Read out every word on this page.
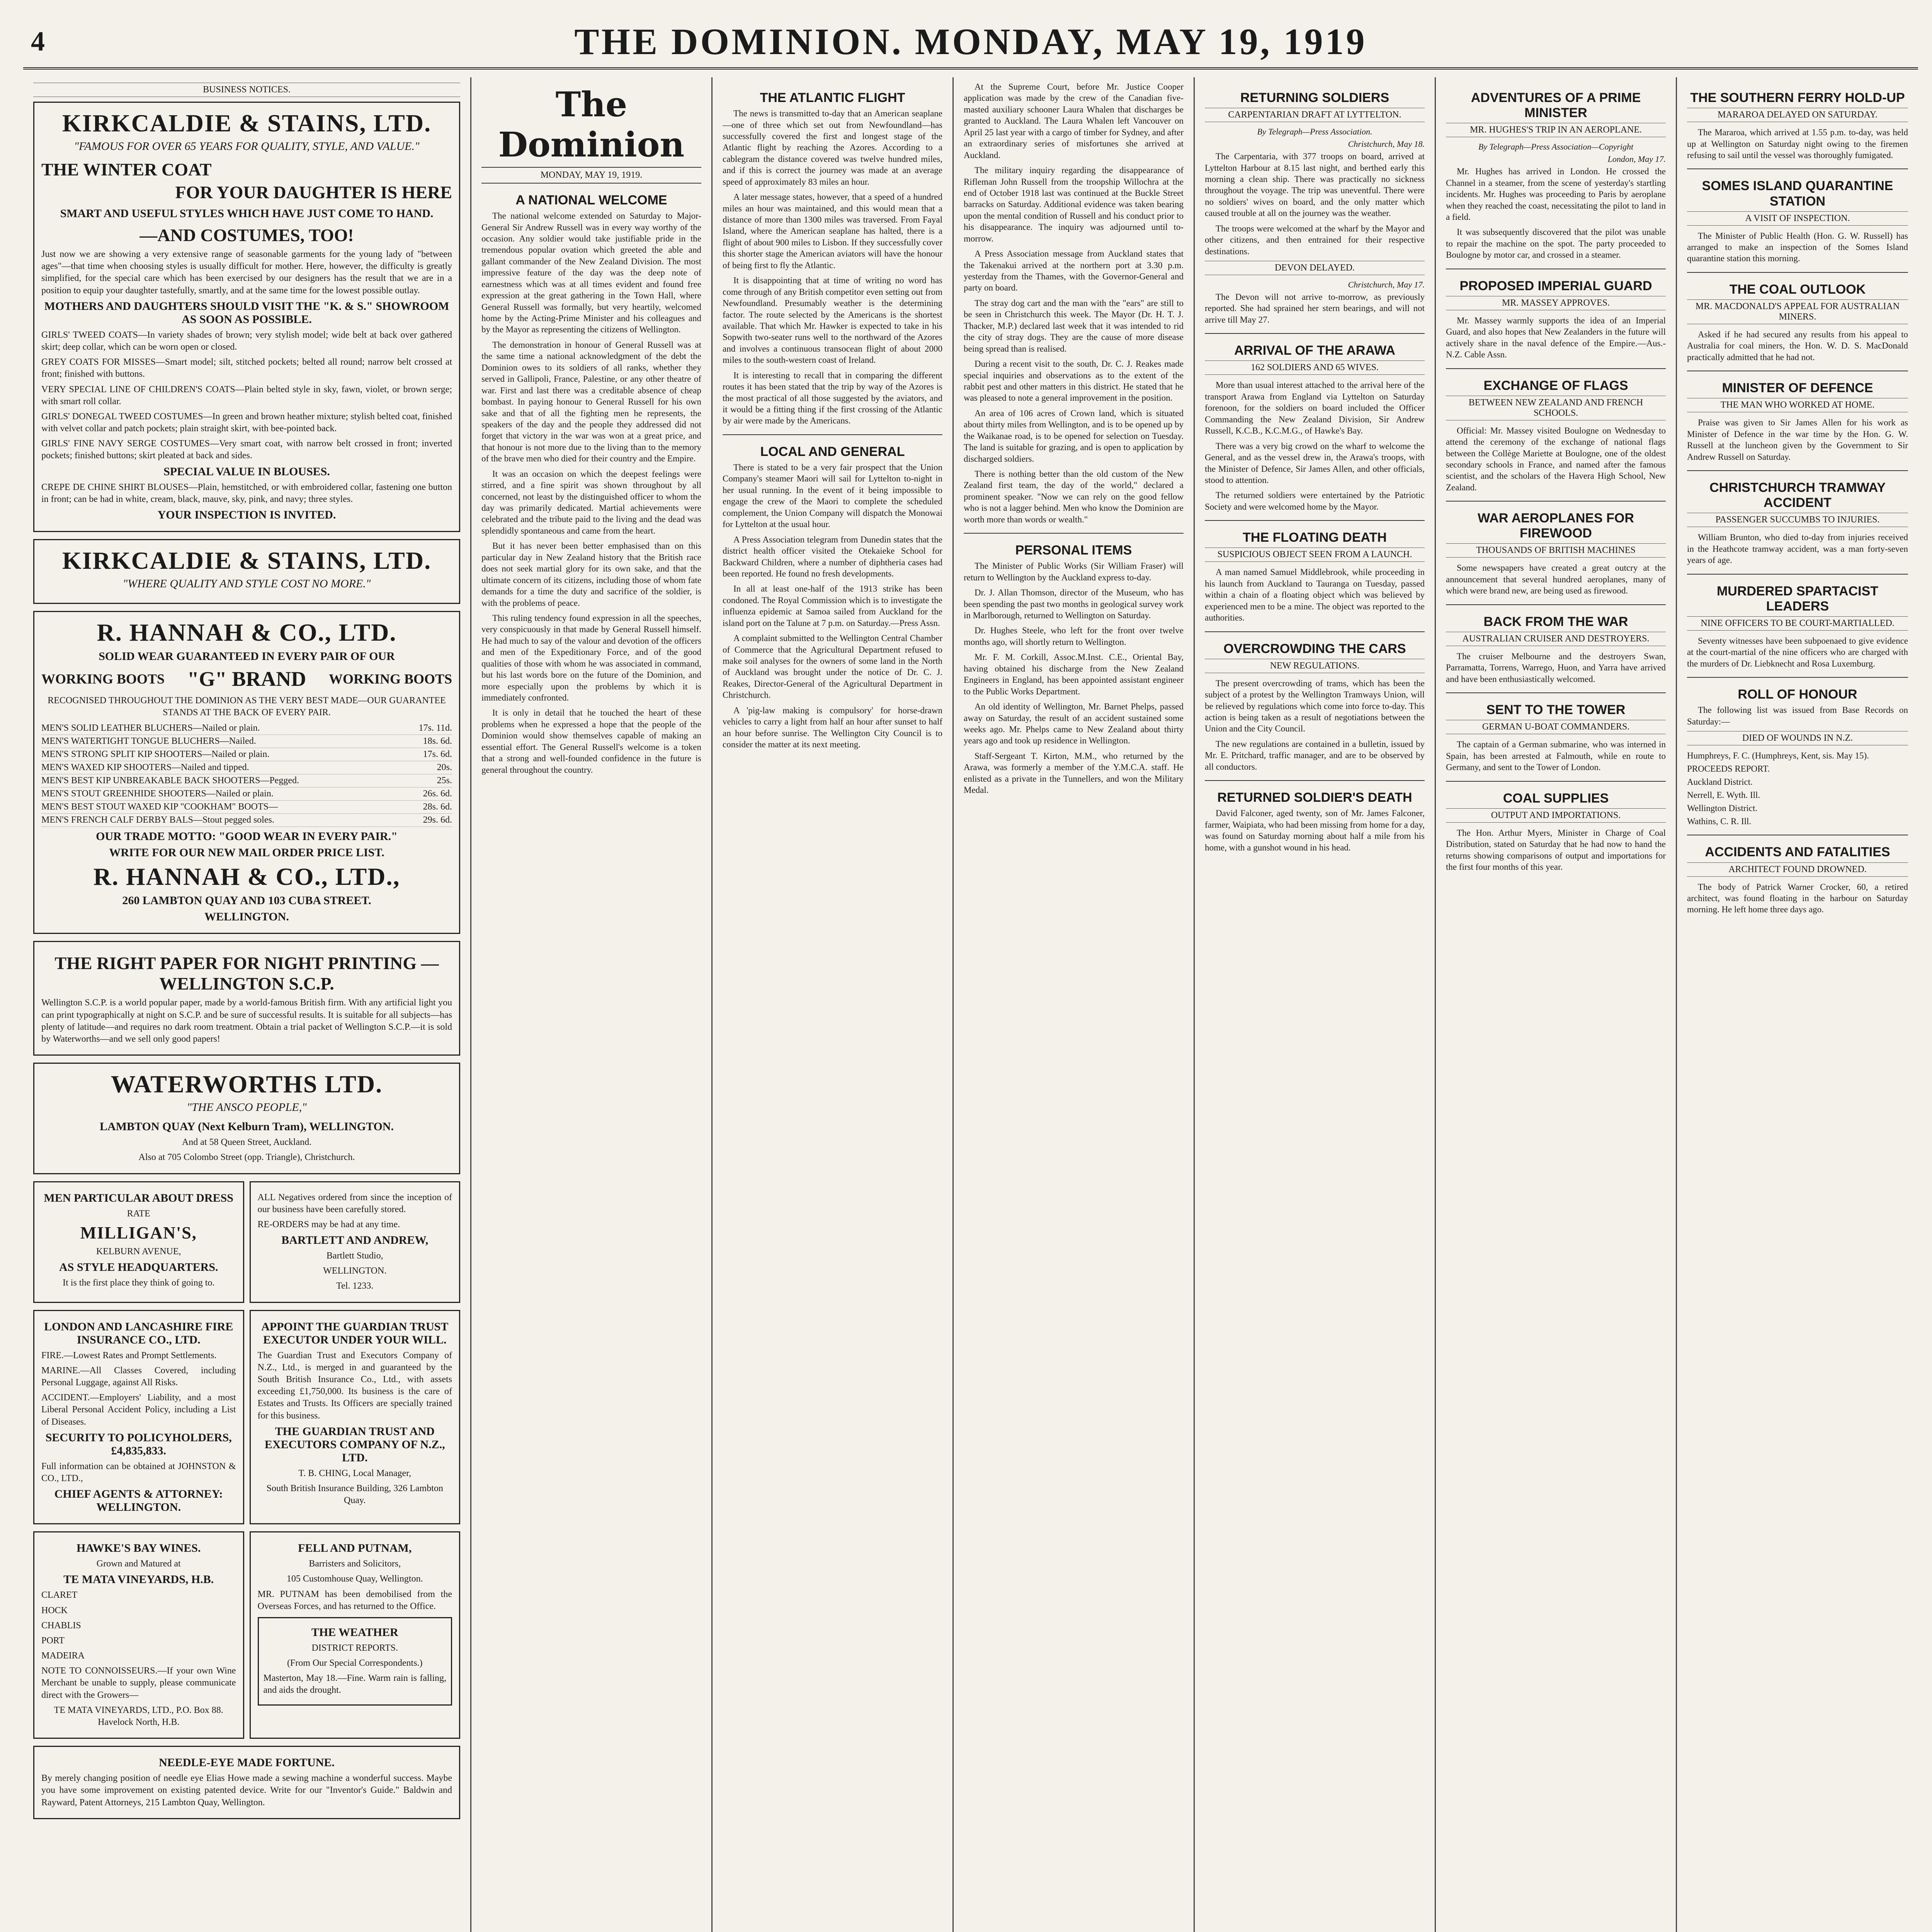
4	THE DOMINION. MONDAY, MAY 19, 1919
BUSINESS NOTICES.
KIRKCALDIE & STAINS, LTD.
"FAMOUS FOR OVER 65 YEARS FOR QUALITY, STYLE, AND VALUE."
THE WINTER COAT
FOR YOUR DAUGHTER IS HERE
SMART AND USEFUL STYLES WHICH HAVE JUST COME TO HAND.
—AND COSTUMES, TOO!
Just now we are showing a very extensive range of seasonable garments for the young lady of "between ages"—that time when choosing styles is usually difficult for mother. Here, however, the difficulty is greatly simplified, for the special care which has been exercised by our designers has the result that we are in a position to equip your daughter tastefully, smartly, and at the same time for the lowest possible outlay.
MOTHERS AND DAUGHTERS SHOULD VISIT THE "K. & S." SHOWROOM AS SOON AS POSSIBLE.
GIRLS' TWEED COATS—In variety shades of brown; very stylish model; wide belt at back over gathered skirt; deep collar, which can be worn open or closed.
GREY COATS FOR MISSES—Smart model; silt, stitched pockets; belted all round; narrow belt crossed at front; finished with buttons.
VERY SPECIAL LINE OF CHILDREN'S COATS—Plain belted style in sky, fawn, violet, or brown serge; with smart roll collar.
GIRLS' DONEGAL TWEED COSTUMES—In green and brown heather mixture; stylish belted coat, finished with velvet collar and patch pockets; plain straight skirt, with bee-pointed back.
GIRLS' FINE NAVY SERGE COSTUMES—Very smart coat, with narrow belt crossed in front; inverted pockets; finished buttons; skirt pleated at back and sides.
SPECIAL VALUE IN BLOUSES.
CREPE DE CHINE SHIRT BLOUSES—Plain, hemstitched, or with embroidered collar, fastening one button in front; can be had in white, cream, black, mauve, sky, pink, and navy; three styles.
YOUR INSPECTION IS INVITED.
KIRKCALDIE & STAINS, LTD.
"WHERE QUALITY AND STYLE COST NO MORE."
R. HANNAH & CO., LTD.
SOLID WEAR GUARANTEED IN EVERY PAIR OF OUR
WORKING BOOTS "G" BRAND WORKING BOOTS
RECOGNISED THROUGHOUT THE DOMINION AS THE VERY BEST MADE—OUR GUARANTEE STANDS AT THE BACK OF EVERY PAIR.
MEN'S SOLID LEATHER BLUCHERS—Nailed or plain.	17s. 11d.
MEN'S WATERTIGHT TONGUE BLUCHERS—Nailed.	18s. 6d.
MEN'S STRONG SPLIT KIP SHOOTERS—Nailed or plain.	17s. 6d.
MEN'S WAXED KIP SHOOTERS—Nailed and tipped.	20s.
MEN'S BEST KIP UNBREAKABLE BACK SHOOTERS—Pegged.	25s.
MEN'S STOUT GREENHIDE SHOOTERS—Nailed or plain.	26s. 6d.
MEN'S BEST STOUT WAXED KIP "COOKHAM" BOOTS—	28s. 6d.
MEN'S FRENCH CALF DERBY BALS—Stout pegged soles.	29s. 6d.
OUR TRADE MOTTO: "GOOD WEAR IN EVERY PAIR."
WRITE FOR OUR NEW MAIL ORDER PRICE LIST.
R. HANNAH & CO., LTD.,
260 LAMBTON QUAY AND 103 CUBA STREET.
WELLINGTON.
THE RIGHT PAPER FOR NIGHT PRINTING —WELLINGTON S.C.P.
Wellington S.C.P. is a world popular paper, made by a world-famous British firm. With any artificial light you can print typographically at night on S.C.P. and be sure of successful results. It is suitable for all subjects—has plenty of latitude—and requires no dark room treatment. Obtain a trial packet of Wellington S.C.P.—it is sold by Waterworths—and we sell only good papers!
WATERWORTHS LTD.
"THE ANSCO PEOPLE,"
LAMBTON QUAY (Next Kelburn Tram), WELLINGTON.
And at 58 Queen Street, Auckland.
Also at 705 Colombo Street (opp. Triangle), Christchurch.
MEN PARTICULAR ABOUT DRESS
RATE
MILLIGAN'S,
KELBURN AVENUE,
AS STYLE HEADQUARTERS.
It is the first place they think of going to.
ALL Negatives ordered from since the inception of our business have been carefully stored.
RE-ORDERS may be had at any time.
BARTLETT AND ANDREW,
Bartlett Studio,
WELLINGTON.
Tel. 1233.
LONDON AND LANCASHIRE FIRE INSURANCE CO., LTD.
FIRE.—Lowest Rates and Prompt Settlements.
MARINE.—All Classes Covered, including Personal Luggage, against All Risks.
ACCIDENT.—Employers' Liability, and a most Liberal Personal Accident Policy, including a List of Diseases.
SECURITY TO POLICYHOLDERS, £4,835,833.
Full information can be obtained at JOHNSTON & CO., LTD.,
CHIEF AGENTS & ATTORNEY: WELLINGTON.
APPOINT THE GUARDIAN TRUST EXECUTOR UNDER YOUR WILL.
The Guardian Trust and Executors Company of N.Z., Ltd., is merged in and guaranteed by the South British Insurance Co., Ltd., with assets exceeding £1,750,000. Its business is the care of Estates and Trusts. Its Officers are specially trained for this business.
THE GUARDIAN TRUST AND EXECUTORS COMPANY OF N.Z., LTD.
T. B. CHING, Local Manager,
South British Insurance Building, 326 Lambton Quay.
HAWKE'S BAY WINES.
Grown and Matured at
TE MATA VINEYARDS, H.B.
CLARET
HOCK
CHABLIS
PORT
MADEIRA
NOTE TO CONNOISSEURS.—If your own Wine Merchant be unable to supply, please communicate direct with the Growers—
TE MATA VINEYARDS, LTD., P.O. Box 88. Havelock North, H.B.
FELL AND PUTNAM,
Barristers and Solicitors,
105 Customhouse Quay, Wellington.
MR. PUTNAM has been demobilised from the Overseas Forces, and has returned to the Office.
THE WEATHER
DISTRICT REPORTS.
(From Our Special Correspondents.)
Masterton, May 18.—Fine. Warm rain is falling, and aids the drought.
NEEDLE-EYE MADE FORTUNE.
By merely changing position of needle eye Elias Howe made a sewing machine a wonderful success. Maybe you have some improvement on existing patented device. Write for our "Inventor's Guide." Baldwin and Rayward, Patent Attorneys, 215 Lambton Quay, Wellington.
The Dominion
MONDAY, MAY 19, 1919.
A NATIONAL WELCOME

The national welcome extended on Saturday to Major-General Sir Andrew Russell was in every way worthy of the occasion. Any soldier would take justifiable pride in the tremendous popular ovation which greeted the able and gallant commander of the New Zealand Division. The most impressive feature of the day was the deep note of earnestness which was at all times evident and found free expression at the great gathering in the Town Hall, where General Russell was formally, but very heartily, welcomed home by the Acting-Prime Minister and his colleagues and by the Mayor as representing the citizens of Wellington.

The demonstration in honour of General Russell was at the same time a national acknowledgment of the debt the Dominion owes to its soldiers of all ranks, whether they served in Gallipoli, France, Palestine, or any other theatre of war. First and last there was a creditable absence of cheap bombast. In paying honour to General Russell for his own sake and that of all the fighting men he represents, the speakers of the day and the people they addressed did not forget that victory in the war was won at a great price, and that honour is not more due to the living than to the memory of the brave men who died for their country and the Empire.

It was an occasion on which the deepest feelings were stirred, and a fine spirit was shown throughout by all concerned, not least by the distinguished officer to whom the day was primarily dedicated. Martial achievements were celebrated and the tribute paid to the living and the dead was splendidly spontaneous and came from the heart.

But it has never been better emphasised than on this particular day in New Zealand history that the British race does not seek martial glory for its own sake, and that the ultimate concern of its citizens, including those of whom fate demands for a time the duty and sacrifice of the soldier, is with the problems of peace.

This ruling tendency found expression in all the speeches, very conspicuously in that made by General Russell himself. He had much to say of the valour and devotion of the officers and men of the Expeditionary Force, and of the good qualities of those with whom he was associated in command, but his last words bore on the future of the Dominion, and more especially upon the problems by which it is immediately confronted.

It is only in detail that he touched the heart of these problems when he expressed a hope that the people of the Dominion would show themselves capable of making an essential effort. The General Russell's welcome is a token that a strong and well-founded confidence in the future is general throughout the country.

THE ATLANTIC FLIGHT

The news is transmitted to-day that an American seaplane—one of three which set out from Newfoundland—has successfully covered the first and longest stage of the Atlantic flight by reaching the Azores. According to a cablegram the distance covered was twelve hundred miles, and if this is correct the journey was made at an average speed of approximately 83 miles an hour.

A later message states, however, that a speed of a hundred miles an hour was maintained, and this would mean that a distance of more than 1300 miles was traversed. From Fayal Island, where the American seaplane has halted, there is a flight of about 900 miles to Lisbon. If they successfully cover this shorter stage the American aviators will have the honour of being first to fly the Atlantic.

It is disappointing that at time of writing no word has come through of any British competitor even setting out from Newfoundland. Presumably weather is the determining factor. The route selected by the Americans is the shortest available. That which Mr. Hawker is expected to take in his Sopwith two-seater runs well to the northward of the Azores and involves a continuous transocean flight of about 2000 miles to the south-western coast of Ireland.

It is interesting to recall that in comparing the different routes it has been stated that the trip by way of the Azores is the most practical of all those suggested by the aviators, and it would be a fitting thing if the first crossing of the Atlantic by air were made by the Americans.

LOCAL AND GENERAL

There is stated to be a very fair prospect that the Union Company's steamer Maori will sail for Lyttelton to-night in her usual running. In the event of it being impossible to engage the crew of the Maori to complete the scheduled complement, the Union Company will dispatch the Monowai for Lyttelton at the usual hour.

A Press Association telegram from Dunedin states that the district health officer visited the Otekaieke School for Backward Children, where a number of diphtheria cases had been reported. He found no fresh developments.

In all at least one-half of the 1913 strike has been condoned. The Royal Commission which is to investigate the influenza epidemic at Samoa sailed from Auckland for the island port on the Talune at 7 p.m. on Saturday.—Press Assn.

A complaint submitted to the Wellington Central Chamber of Commerce that the Agricultural Department refused to make soil analyses for the owners of some land in the North of Auckland was brought under the notice of Dr. C. J. Reakes, Director-General of the Agricultural Department in Christchurch.

A 'pig-law making is compulsory' for horse-drawn vehicles to carry a light from half an hour after sunset to half an hour before sunrise. The Wellington City Council is to consider the matter at its next meeting.

At the Supreme Court, before Mr. Justice Cooper application was made by the crew of the Canadian five-masted auxiliary schooner Laura Whalen that discharges be granted to Auckland. The Laura Whalen left Vancouver on April 25 last year with a cargo of timber for Sydney, and after an extraordinary series of misfortunes she arrived at Auckland.

The military inquiry regarding the disappearance of Rifleman John Russell from the troopship Willochra at the end of October 1918 last was continued at the Buckle Street barracks on Saturday. Additional evidence was taken bearing upon the mental condition of Russell and his conduct prior to his disappearance. The inquiry was adjourned until to-morrow.

A Press Association message from Auckland states that the Takenakui arrived at the northern port at 3.30 p.m. yesterday from the Thames, with the Governor-General and party on board.

The stray dog cart and the man with the "ears" are still to be seen in Christchurch this week. The Mayor (Dr. H. T. J. Thacker, M.P.) declared last week that it was intended to rid the city of stray dogs. They are the cause of more disease being spread than is realised.

During a recent visit to the south, Dr. C. J. Reakes made special inquiries and observations as to the extent of the rabbit pest and other matters in this district. He stated that he was pleased to note a general improvement in the position.

An area of 106 acres of Crown land, which is situated about thirty miles from Wellington, and is to be opened up by the Waikanae road, is to be opened for selection on Tuesday. The land is suitable for grazing, and is open to application by discharged soldiers.

There is nothing better than the old custom of the New Zealand first team, the day of the world," declared a prominent speaker. "Now we can rely on the good fellow who is not a lagger behind. Men who know the Dominion are worth more than words or wealth."

PERSONAL ITEMS

The Minister of Public Works (Sir William Fraser) will return to Wellington by the Auckland express to-day.

Dr. J. Allan Thomson, director of the Museum, who has been spending the past two months in geological survey work in Marlborough, returned to Wellington on Saturday.

Dr. Hughes Steele, who left for the front over twelve months ago, will shortly return to Wellington.

Mr. F. M. Corkill, Assoc.M.Inst. C.E., Oriental Bay, having obtained his discharge from the New Zealand Engineers in England, has been appointed assistant engineer to the Public Works Department.

An old identity of Wellington, Mr. Barnet Phelps, passed away on Saturday, the result of an accident sustained some weeks ago. Mr. Phelps came to New Zealand about thirty years ago and took up residence in Wellington.

Staff-Sergeant T. Kirton, M.M., who returned by the Arawa, was formerly a member of the Y.M.C.A. staff. He enlisted as a private in the Tunnellers, and won the Military Medal.

RETURNING SOLDIERS
CARPENTARIAN DRAFT AT LYTTELTON.
By Telegraph—Press Association.
Christchurch, May 18.

The Carpentaria, with 377 troops on board, arrived at Lyttelton Harbour at 8.15 last night, and berthed early this morning a clean ship. There was practically no sickness throughout the voyage. The trip was uneventful. There were no soldiers' wives on board, and the only matter which caused trouble at all on the journey was the weather.

The troops were welcomed at the wharf by the Mayor and other citizens, and then entrained for their respective destinations.

DEVON DELAYED.
Christchurch, May 17.

The Devon will not arrive to-morrow, as previously reported. She had sprained her stern bearings, and will not arrive till May 27.

ARRIVAL OF THE ARAWA
162 SOLDIERS AND 65 WIVES.

More than usual interest attached to the arrival here of the transport Arawa from England via Lyttelton on Saturday forenoon, for the soldiers on board included the Officer Commanding the New Zealand Division, Sir Andrew Russell, K.C.B., K.C.M.G., of Hawke's Bay.

There was a very big crowd on the wharf to welcome the General, and as the vessel drew in, the Arawa's troops, with the Minister of Defence, Sir James Allen, and other officials, stood to attention.

The returned soldiers were entertained by the Patriotic Society and were welcomed home by the Mayor.

THE FLOATING DEATH
SUSPICIOUS OBJECT SEEN FROM A LAUNCH.

A man named Samuel Middlebrook, while proceeding in his launch from Auckland to Tauranga on Tuesday, passed within a chain of a floating object which was believed by experienced men to be a mine. The object was reported to the authorities.

OVERCROWDING THE CARS
NEW REGULATIONS.

The present overcrowding of trams, which has been the subject of a protest by the Wellington Tramways Union, will be relieved by regulations which come into force to-day. This action is being taken as a result of negotiations between the Union and the City Council.

The new regulations are contained in a bulletin, issued by Mr. E. Pritchard, traffic manager, and are to be observed by all conductors.

RETURNED SOLDIER'S DEATH

David Falconer, aged twenty, son of Mr. James Falconer, farmer, Waipiata, who had been missing from home for a day, was found on Saturday morning about half a mile from his home, with a gunshot wound in his head.

ADVENTURES OF A PRIME MINISTER
MR. HUGHES'S TRIP IN AN AEROPLANE.
By Telegraph—Press Association—Copyright
London, May 17.

Mr. Hughes has arrived in London. He crossed the Channel in a steamer, from the scene of yesterday's startling incidents. Mr. Hughes was proceeding to Paris by aeroplane when they reached the coast, necessitating the pilot to land in a field.

It was subsequently discovered that the pilot was unable to repair the machine on the spot. The party proceeded to Boulogne by motor car, and crossed in a steamer.

PROPOSED IMPERIAL GUARD
MR. MASSEY APPROVES.

Mr. Massey warmly supports the idea of an Imperial Guard, and also hopes that New Zealanders in the future will actively share in the naval defence of the Empire.—Aus.-N.Z. Cable Assn.

EXCHANGE OF FLAGS
BETWEEN NEW ZEALAND AND FRENCH SCHOOLS.

Official: Mr. Massey visited Boulogne on Wednesday to attend the ceremony of the exchange of national flags between the Collège Mariette at Boulogne, one of the oldest secondary schools in France, and named after the famous scientist, and the scholars of the Havera High School, New Zealand.

WAR AEROPLANES FOR FIREWOOD
THOUSANDS OF BRITISH MACHINES

Some newspapers have created a great outcry at the announcement that several hundred aeroplanes, many of which were brand new, are being used as firewood.

BACK FROM THE WAR
AUSTRALIAN CRUISER AND DESTROYERS.

The cruiser Melbourne and the destroyers Swan, Parramatta, Torrens, Warrego, Huon, and Yarra have arrived and have been enthusiastically welcomed.

SENT TO THE TOWER
GERMAN U-BOAT COMMANDERS.

The captain of a German submarine, who was interned in Spain, has been arrested at Falmouth, while en route to Germany, and sent to the Tower of London.

COAL SUPPLIES
OUTPUT AND IMPORTATIONS.

The Hon. Arthur Myers, Minister in Charge of Coal Distribution, stated on Saturday that he had now to hand the returns showing comparisons of output and importations for the first four months of this year.

THE SOUTHERN FERRY HOLD-UP
MARAROA DELAYED ON SATURDAY.

The Mararoa, which arrived at 1.55 p.m. to-day, was held up at Wellington on Saturday night owing to the firemen refusing to sail until the vessel was thoroughly fumigated.

SOMES ISLAND QUARANTINE STATION
A VISIT OF INSPECTION.

The Minister of Public Health (Hon. G. W. Russell) has arranged to make an inspection of the Somes Island quarantine station this morning.

THE COAL OUTLOOK
MR. MACDONALD'S APPEAL FOR AUSTRALIAN MINERS.

Asked if he had secured any results from his appeal to Australia for coal miners, the Hon. W. D. S. MacDonald practically admitted that he had not.

MINISTER OF DEFENCE
THE MAN WHO WORKED AT HOME.

Praise was given to Sir James Allen for his work as Minister of Defence in the war time by the Hon. G. W. Russell at the luncheon given by the Government to Sir Andrew Russell on Saturday.

CHRISTCHURCH TRAMWAY ACCIDENT
PASSENGER SUCCUMBS TO INJURIES.

William Brunton, who died to-day from injuries received in the Heathcote tramway accident, was a man forty-seven years of age.

MURDERED SPARTACIST LEADERS
NINE OFFICERS TO BE COURT-MARTIALLED.

Seventy witnesses have been subpoenaed to give evidence at the court-martial of the nine officers who are charged with the murders of Dr. Liebknecht and Rosa Luxemburg.

ROLL OF HONOUR

The following list was issued from Base Records on Saturday:—

DIED OF WOUNDS IN N.Z.
Humphreys, F. C. (Humphreys, Kent, sis. May 15).
PROCEEDS REPORT.
Auckland District.
Nerrell, E. Wyth. Ill.
Wellington District.
Wathins, C. R. Ill.
ACCIDENTS AND FATALITIES
ARCHITECT FOUND DROWNED.

The body of Patrick Warner Crocker, 60, a retired architect, was found floating in the harbour on Saturday morning. He left home three days ago.
